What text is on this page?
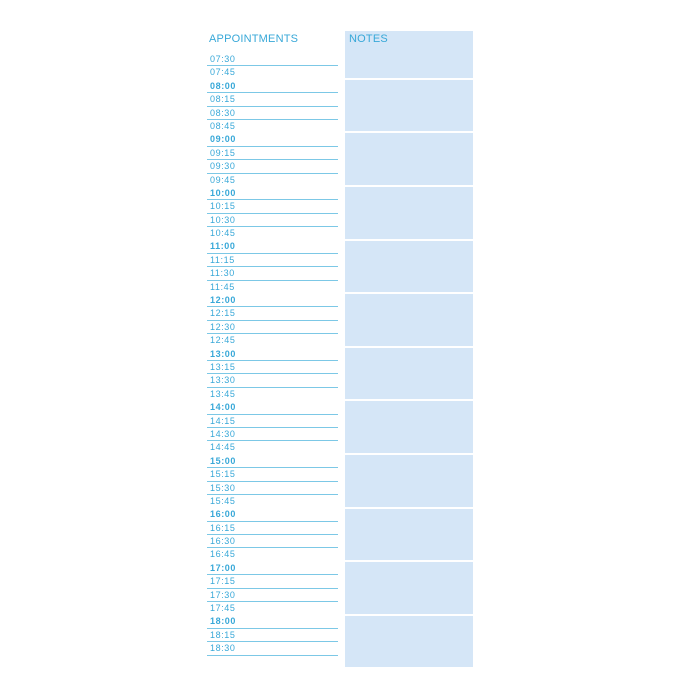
APPOINTMENTS	NOTES
07:30
07:45
08:00
08:15
08:30
08:45
09:00
09:15
09:30
09:45
10:00
10:15
10:30
10:45
11:00
11:15
11:30
11:45
12:00
12:15
12:30
12:45
13:00
13:15
13:30
13:45
14:00
14:15
14:30
14:45
15:00
15:15
15:30
15:45
16:00
16:15
16:30
16:45
17:00
17:15
17:30
17:45
18:00
18:15
18:30
